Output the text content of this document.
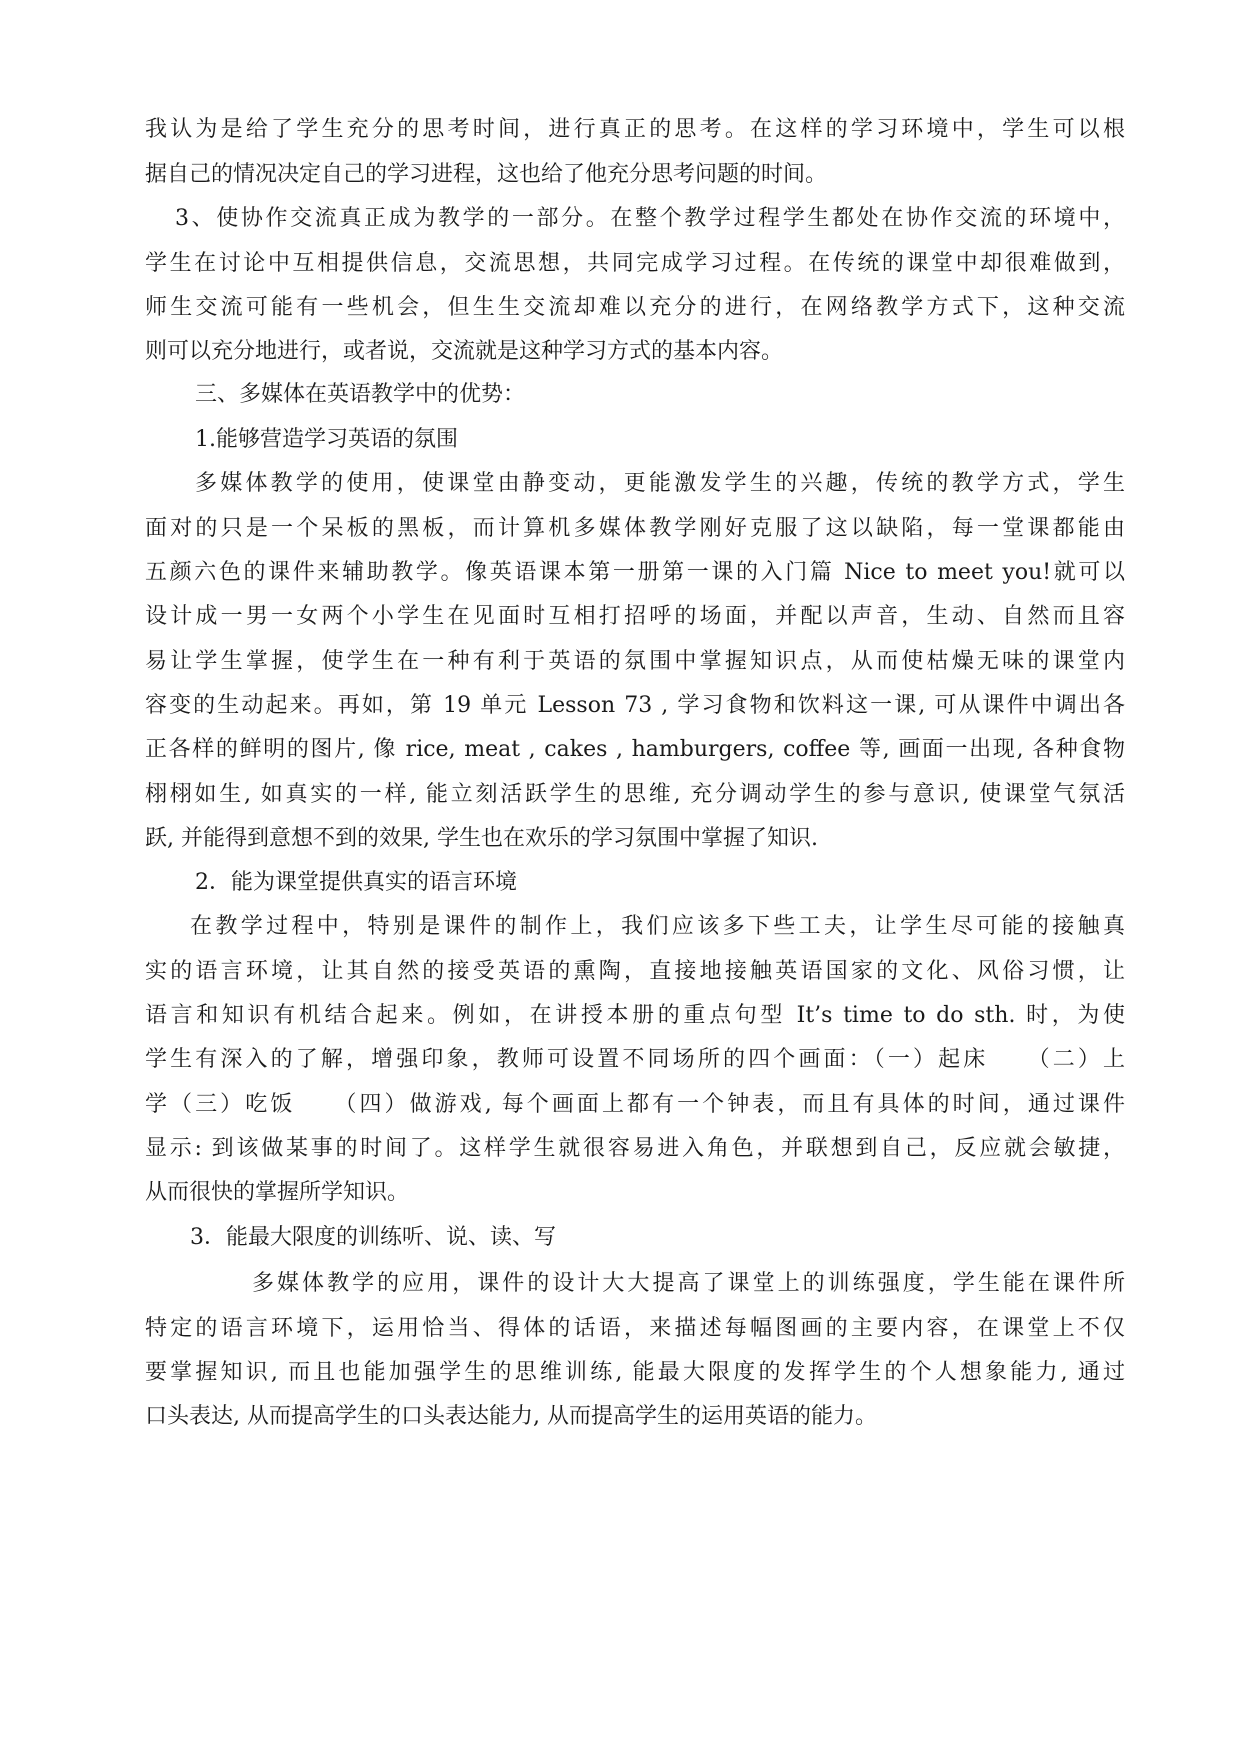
我认为是给了学生充分的思考时间，进行真正的思考。在这样的学习环境中，学生可以根
据自己的情况决定自己的学习进程，这也给了他充分思考问题的时间。
3、使协作交流真正成为教学的一部分。在整个教学过程学生都处在协作交流的环境中，
学生在讨论中互相提供信息，交流思想，共同完成学习过程。在传统的课堂中却很难做到，
师生交流可能有一些机会，但生生交流却难以充分的进行，在网络教学方式下，这种交流
则可以充分地进行，或者说，交流就是这种学习方式的基本内容。
三、多媒体在英语教学中的优势：
1.能够营造学习英语的氛围
多媒体教学的使用，使课堂由静变动，更能激发学生的兴趣，传统的教学方式，学生
面对的只是一个呆板的黑板，而计算机多媒体教学刚好克服了这以缺陷，每一堂课都能由
五颜六色的课件来辅助教学。像英语课本第一册第一课的入门篇 Nice to meet you!就可以
设计成一男一女两个小学生在见面时互相打招呼的场面，并配以声音，生动、自然而且容
易让学生掌握，使学生在一种有利于英语的氛围中掌握知识点，从而使枯燥无味的课堂内
容变的生动起来。再如，第 19 单元 Lesson 73 , 学习食物和饮料这一课, 可从课件中调出各
正各样的鲜明的图片, 像 rice, meat , cakes , hamburgers, coffee 等, 画面一出现, 各种食物
栩栩如生, 如真实的一样, 能立刻活跃学生的思维, 充分调动学生的参与意识, 使课堂气氛活
跃, 并能得到意想不到的效果, 学生也在欢乐的学习氛围中掌握了知识.
2．能为课堂提供真实的语言环境
在教学过程中，特别是课件的制作上，我们应该多下些工夫，让学生尽可能的接触真
实的语言环境，让其自然的接受英语的熏陶，直接地接触英语国家的文化、风俗习惯，让
语言和知识有机结合起来。例如，在讲授本册的重点句型 It’s time to do sth. 时，为使
学生有深入的了解，增强印象，教师可设置不同场所的四个画面：（一）起床　　（二）上
学（三）吃饭　　（四）做游戏, 每个画面上都有一个钟表，而且有具体的时间，通过课件
显示: 到该做某事的时间了。这样学生就很容易进入角色，并联想到自己，反应就会敏捷，
从而很快的掌握所学知识。
3．能最大限度的训练听、说、读、写
多媒体教学的应用，课件的设计大大提高了课堂上的训练强度，学生能在课件所
特定的语言环境下，运用恰当、得体的话语，来描述每幅图画的主要内容，在课堂上不仅
要掌握知识, 而且也能加强学生的思维训练, 能最大限度的发挥学生的个人想象能力, 通过
口头表达, 从而提高学生的口头表达能力, 从而提高学生的运用英语的能力。
